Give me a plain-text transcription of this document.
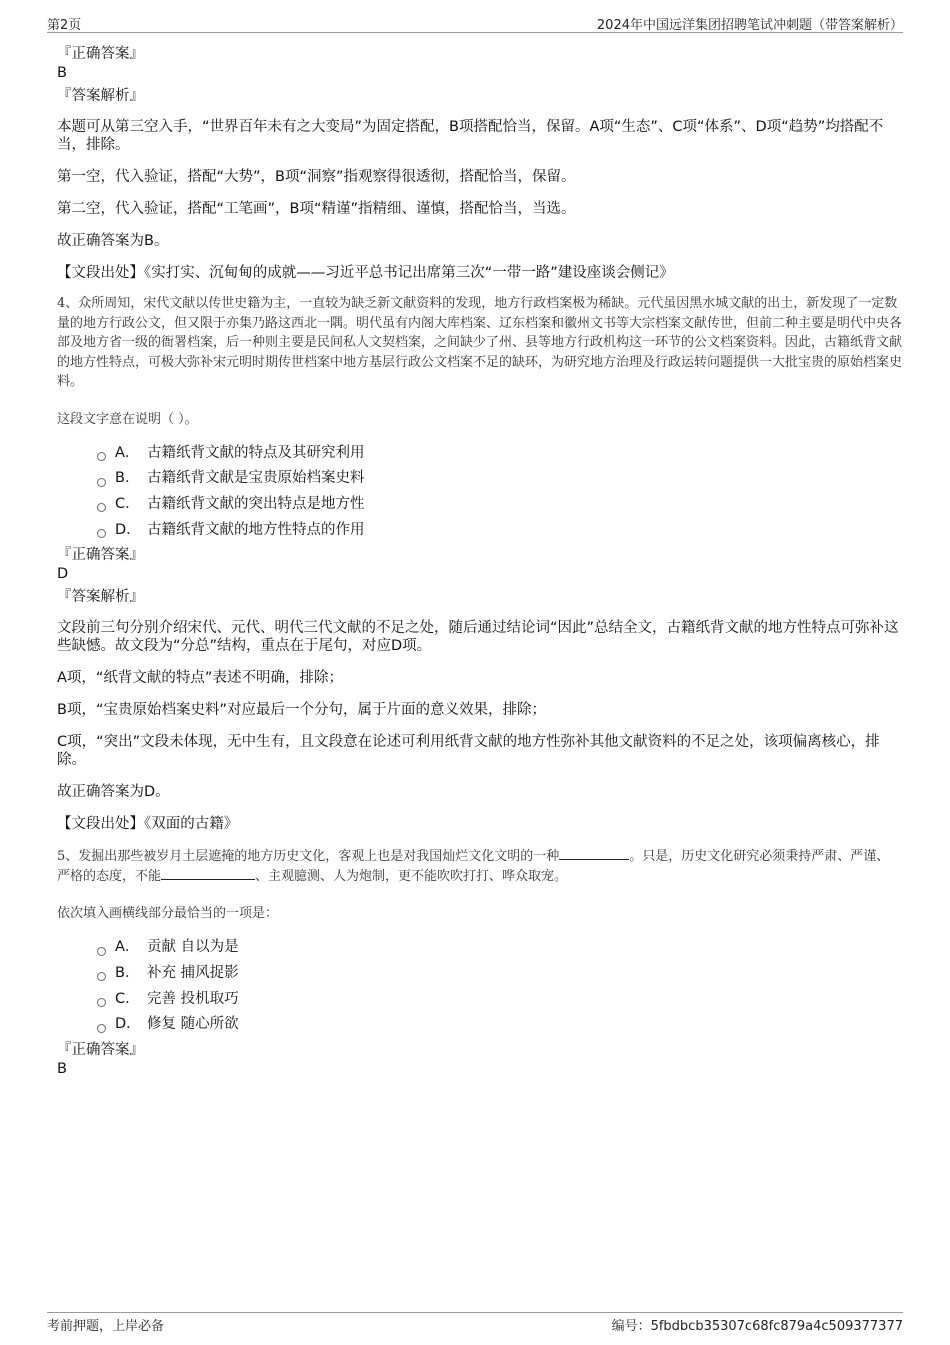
第2页	2024年中国远洋集团招聘笔试冲刺题（带答案解析）

『正确答案』

B

『答案解析』

本题可从第三空入手，“世界百年未有之大变局”为固定搭配，B项搭配恰当，保留。A项“生态”、C项“体系”、D项“趋势”均搭配不当，排除。

第一空，代入验证，搭配“大势”，B项“洞察”指观察得很透彻，搭配恰当，保留。

第二空，代入验证，搭配“工笔画”，B项“精谨”指精细、谨慎，搭配恰当，当选。

故正确答案为B。

【文段出处】《实打实、沉甸甸的成就——习近平总书记出席第三次“一带一路”建设座谈会侧记》

4、众所周知，宋代文献以传世史籍为主，一直较为缺乏新文献资料的发现，地方行政档案极为稀缺。元代虽因黑水城文献的出土，新发现了一定数量的地方行政公文，但又限于亦集乃路这西北一隅。明代虽有内阁大库档案、辽东档案和徽州文书等大宗档案文献传世，但前二种主要是明代中央各部及地方省一级的衙署档案，后一种则主要是民间私人文契档案，之间缺少了州、县等地方行政机构这一环节的公文档案资料。因此，古籍纸背文献的地方性特点，可极大弥补宋元明时期传世档案中地方基层行政公文档案不足的缺环，为研究地方治理及行政运转问题提供一大批宝贵的原始档案史料。

这段文字意在说明（ ）。

A． 古籍纸背文献的特点及其研究利用
B． 古籍纸背文献是宝贵原始档案史料
C． 古籍纸背文献的突出特点是地方性
D． 古籍纸背文献的地方性特点的作用

『正确答案』

D

『答案解析』

文段前三句分别介绍宋代、元代、明代三代文献的不足之处，随后通过结论词“因此”总结全文，古籍纸背文献的地方性特点可弥补这些缺憾。故文段为“分总”结构，重点在于尾句，对应D项。

A项，“纸背文献的特点”表述不明确，排除；

B项，“宝贵原始档案史料”对应最后一个分句，属于片面的意义效果，排除；

C项，“突出”文段未体现，无中生有，且文段意在论述可利用纸背文献的地方性弥补其他文献资料的不足之处，该项偏离核心，排除。

故正确答案为D。

【文段出处】《双面的古籍》

5、发掘出那些被岁月土层遮掩的地方历史文化，客观上也是对我国灿烂文化文明的一种	。只是，历史文化研究必须秉持严肃、严谨、严格的态度，不能	、主观臆测、人为炮制，更不能吹吹打打、哗众取宠。

依次填入画横线部分最恰当的一项是：

A． 贡献 自以为是
B． 补充 捕风捉影
C． 完善 投机取巧
D． 修复 随心所欲

『正确答案』

B

考前押题，上岸必备	编号：5fbdbcb35307c68fc879a4c509377377
